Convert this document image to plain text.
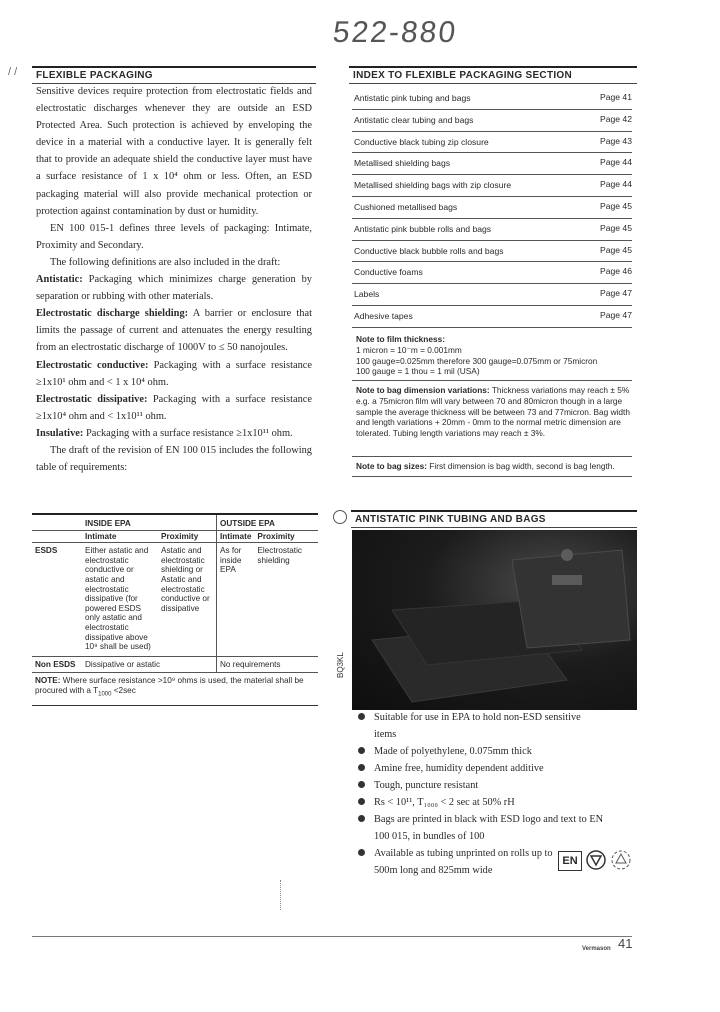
522-880
/ /	FLEXIBLE PACKAGING

Sensitive devices require protection from electrostatic fields and electrostatic discharges whenever they are outside an ESD Protected Area. Such protection is achieved by enveloping the device in a material with a conductive layer. It is generally felt that to provide an adequate shield the conductive layer must have a surface resistance of 1 x 10⁴ ohm or less. Often, an ESD packaging material will also provide mechanical protection or protection against contamination by dust or humidity.

EN 100 015-1 defines three levels of packaging: Intimate, Proximity and Secondary.

The following definitions are also included in the draft:

Antistatic: Packaging which minimizes charge generation by separation or rubbing with other materials.

Electrostatic discharge shielding: A barrier or enclosure that limits the passage of current and attenuates the energy resulting from an electrostatic discharge of 1000V to ≤ 50 nanojoules.

Electrostatic conductive: Packaging with a surface resistance ≥1x10¹ ohm and < 1 x 10⁴ ohm.

Electrostatic dissipative: Packaging with a surface resistance ≥1x10⁴ ohm and < 1x10¹¹ ohm.

Insulative: Packaging with a surface resistance ≥1x10¹¹ ohm.

The draft of the revision of EN 100 015 includes the following table of requirements:

	INSIDE EPA		OUTSIDE EPA	
	Intimate	Proximity	Intimate	Proximity
ESDS	Either astatic and electrostatic conductive or astatic and electrostatic dissipative (for powered ESDS only astatic and electrostatic dissipative above 10⁹ shall be used)	Astatic and electrostatic shielding or Astatic and electrostatic conductive or dissipative	As for inside EPA	Electrostatic shielding
Non ESDS	Dissipative or astatic		No requirements	
NOTE: Where surface resistance >10⁹ ohms is used, the material shall be procured with a $T_{1000} <2\sec$				
INDEX TO FLEXIBLE PACKAGING SECTION
Antistatic pink tubing and bags	Page 41
Antistatic clear tubing and bags	Page 42
Conductive black tubing zip closure	Page 43
Metallised shielding bags	Page 44
Metallised shielding bags with zip closure	Page 44
Cushioned metallised bags	Page 45
Antistatic pink bubble rolls and bags	Page 45
Conductive black bubble rolls and bags	Page 45
Conductive foams	Page 46
Labels	Page 47
Adhesive tapes	Page 47
Note to film thickness:
1 micron = 10⁻m = 0.001mm
100 gauge=0.025mm therefore 300 gauge=0.075mm or 75micron
100 gauge = 1 thou = 1 mil (USA)
Note to bag dimension variations: Thickness variations may reach ± 5% e.g. a 75micron film will vary between 70 and 80micron though in a large sample the average thickness will be between 73 and 77micron. Bag width and length variations + 20mm - 0mm to the normal metric dimension are tolerated. Tubing length variations may reach ± 3%.
Note to bag sizes: First dimension is bag width, second is bag length.
ANTISTATIC PINK TUBING AND BAGS
BQ3KL
Suitable for use in EPA to hold non-ESD sensitive items
Made of polyethylene, 0.075mm thick
Amine free, humidity dependent additive
Tough, puncture resistant
Rs < 10¹¹, T₁₀₀₀ < 2 sec at 50% rH
Bags are printed in black with ESD logo and text to EN 100 015, in bundles of 100
Available as tubing unprinted on rolls up to 500m long and 825mm wide
EN
41
Vermason
